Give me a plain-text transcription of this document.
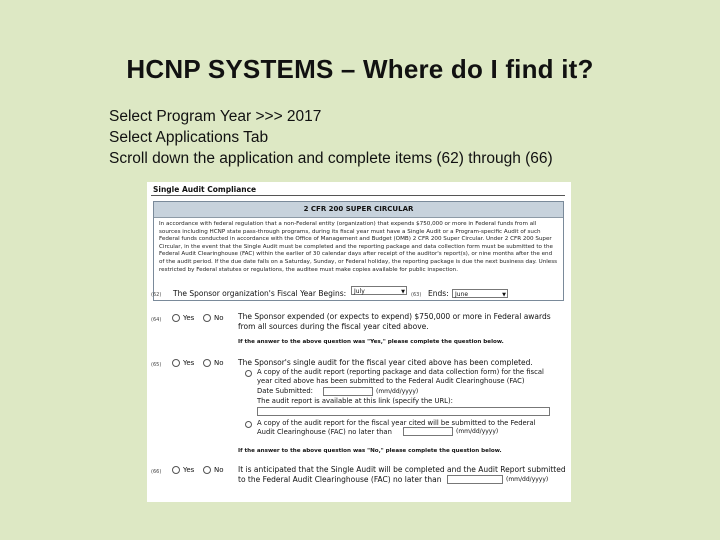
HCNP SYSTEMS – Where do I find it?
Select Program Year >>> 2017
Select Applications Tab
Scroll down the application and complete items (62) through (66)
Single Audit Compliance
2 CFR 200 SUPER CIRCULAR
In accordance with federal regulation that a non-Federal entity (organization) that expends $750,000 or more in Federal funds from all sources including HCNP state pass-through programs, during its fiscal year must have a Single Audit or a Program-specific Audit of such Federal funds conducted in accordance with the Office of Management and Budget (OMB) 2 CFR 200 Super Circular. Under 2 CFR 200 Super Circular, in the event that the Single Audit must be completed and the reporting package and data collection form must be submitted to the Federal Audit Clearinghouse (FAC) within the earlier of 30 calendar days after receipt of the auditor's report(s), or nine months after the end of the audit period. If the due date falls on a Saturday, Sunday, or Federal holiday, the reporting package is due the next business day. Unless restricted by Federal statutes or regulations, the auditee must make copies available for public inspection.
(62) The Sponsor organization's Fiscal Year Begins:	July	▼ (63) Ends:	June	▼
(64)	Yes	No The Sponsor expended (or expects to expend) $750,000 or more in Federal awards
from all sources during the fiscal year cited above.
If the answer to the above question was "Yes," please complete the question below.
(65)	Yes	No The Sponsor's single audit for the fiscal year cited above has been completed.
A copy of the audit report (reporting package and data collection form) for the fiscal
year cited above has been submitted to the Federal Audit Clearinghouse (FAC)
Date Submitted:	(mm/dd/yyyy)
The audit report is available at this link (specify the URL):
A copy of the audit report for the fiscal year cited will be submitted to the Federal
Audit Clearinghouse (FAC) no later than	(mm/dd/yyyy)
If the answer to the above question was "No," please complete the question below.
(66)	Yes	No It is anticipated that the Single Audit will be completed and the Audit Report submitted
to the Federal Audit Clearinghouse (FAC) no later than	(mm/dd/yyyy)
